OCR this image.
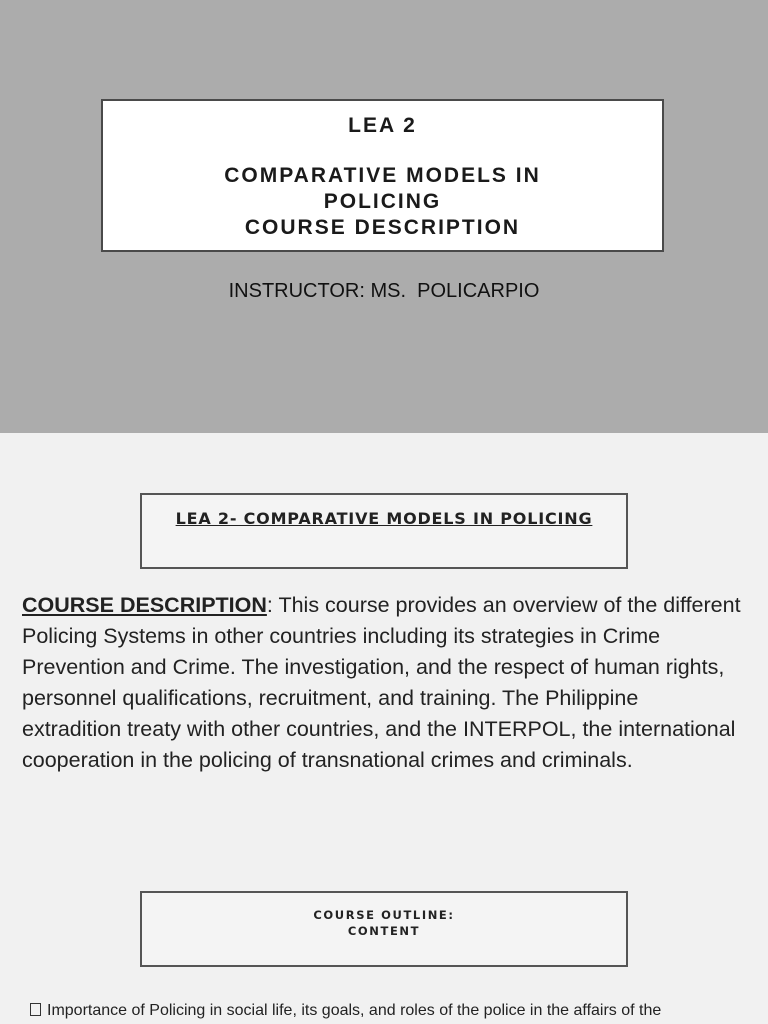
LEA 2
COMPARATIVE MODELS IN
POLICING
COURSE DESCRIPTION
INSTRUCTOR: MS.  POLICARPIO
LEA 2- COMPARATIVE MODELS IN POLICING
COURSE DESCRIPTION: This course provides an overview of the different Policing Systems in other countries including its strategies in Crime Prevention and Crime. The investigation, and the respect of human rights, personnel qualifications, recruitment, and training. The Philippine extradition treaty with other countries, and the INTERPOL, the international cooperation in the policing of transnational crimes and criminals.
COURSE OUTLINE:
CONTENT
Importance of Policing in social life, its goals, and roles of the police in the affairs of the
